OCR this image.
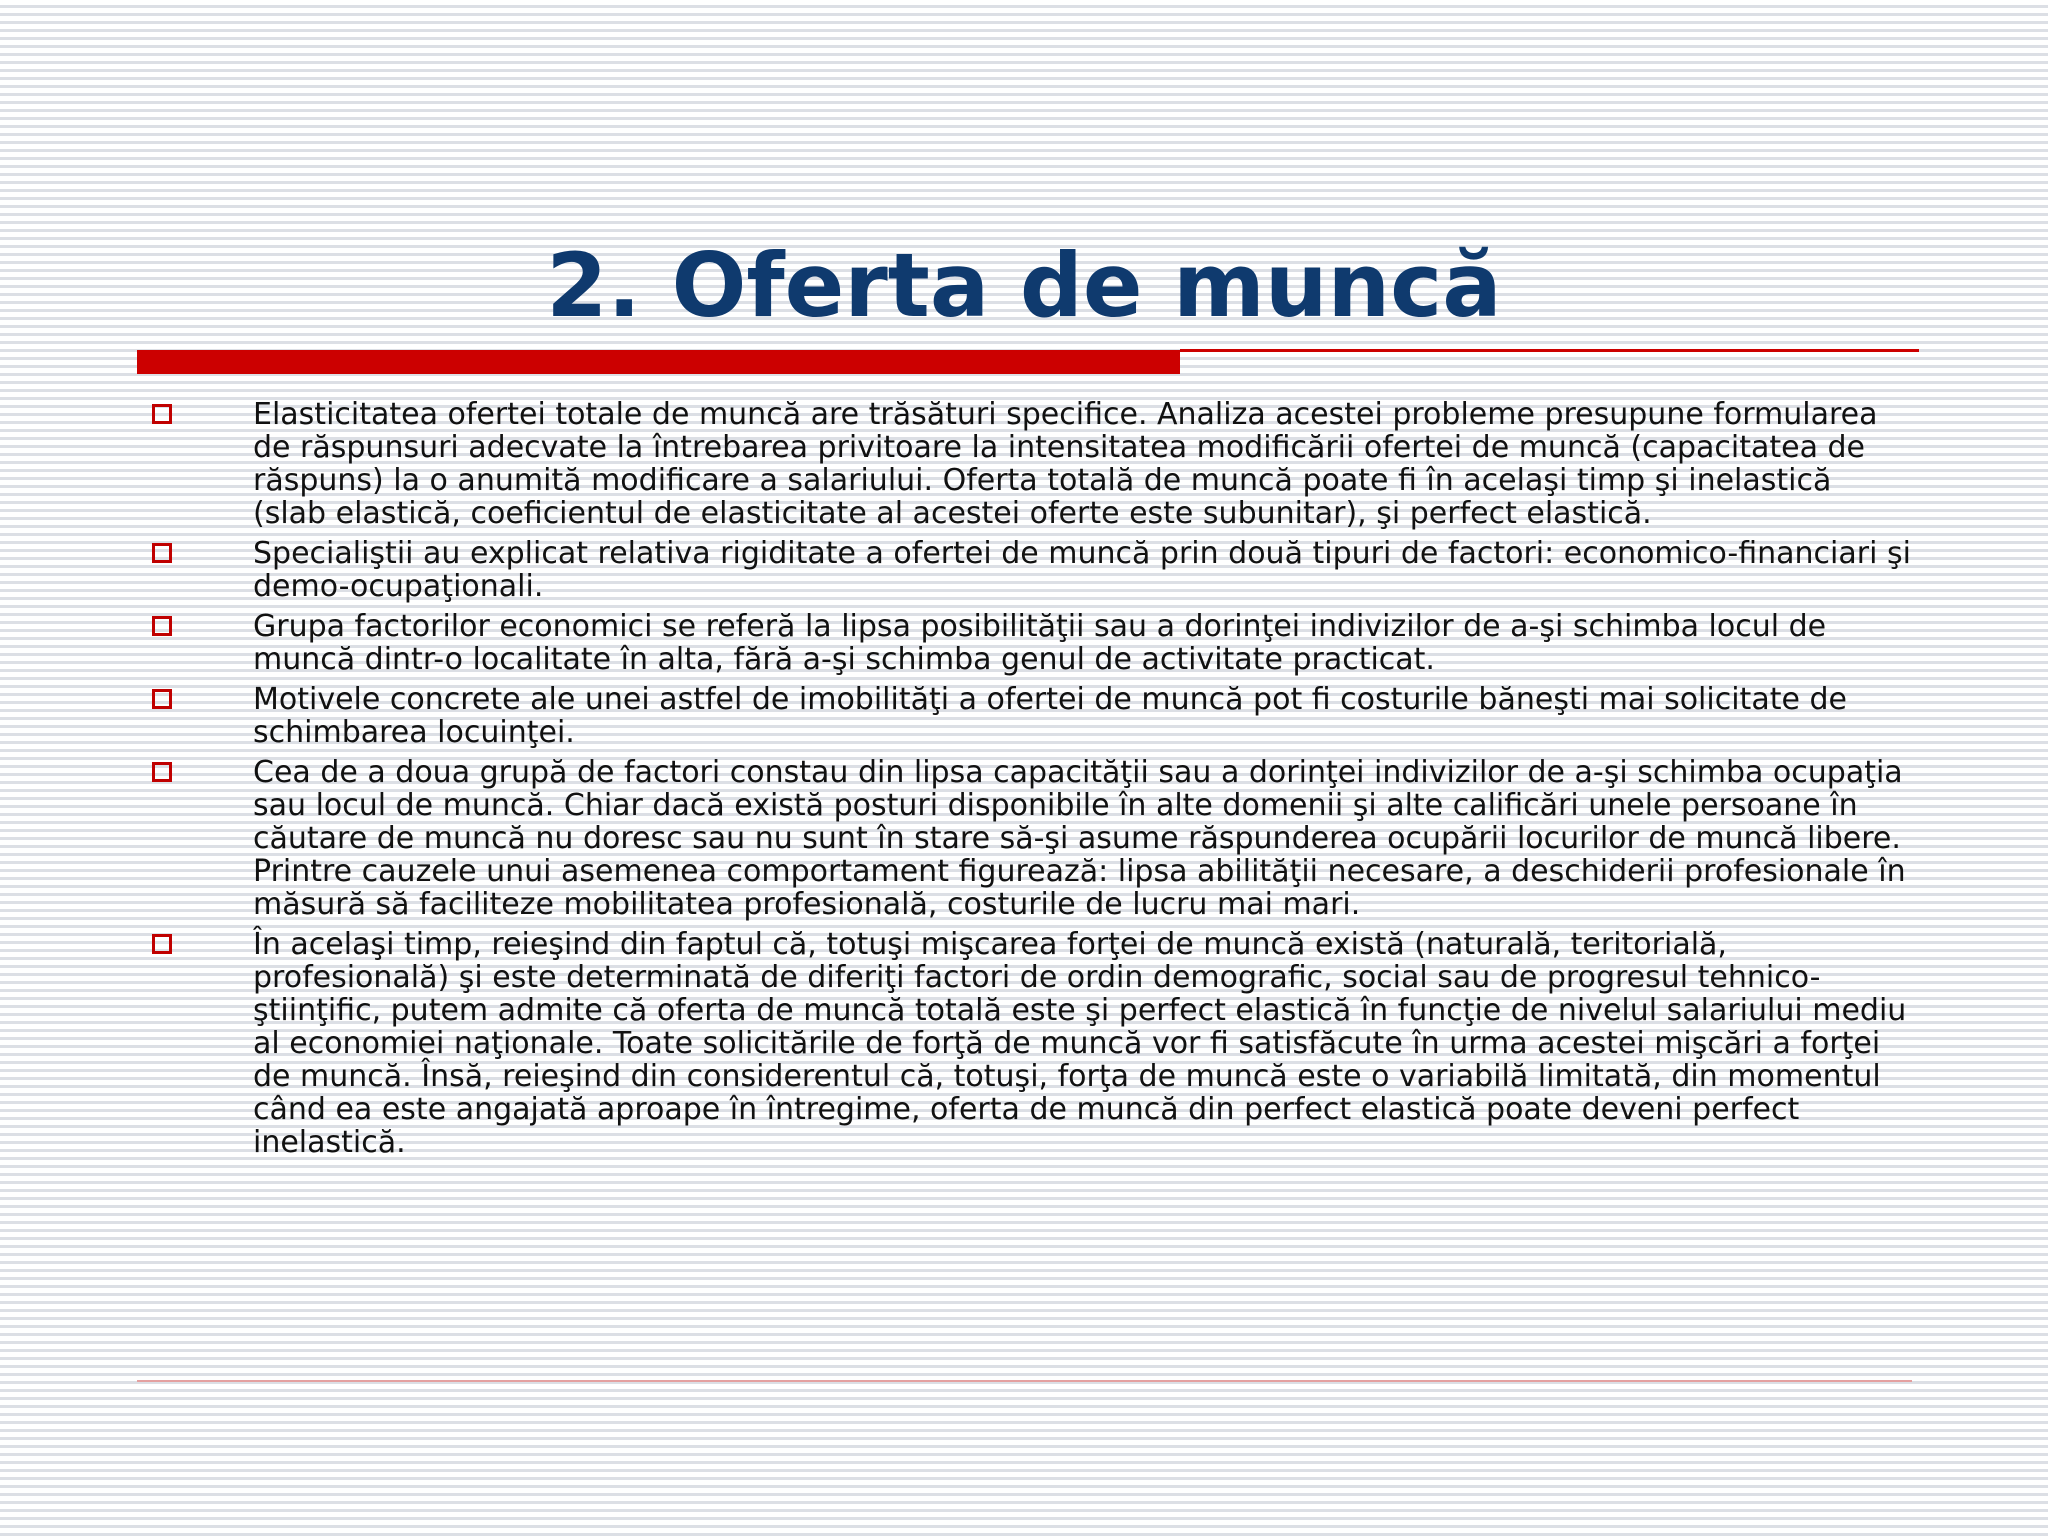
2. Oferta de muncă
Elasticitatea ofertei totale de muncă are trăsături specifice. Analiza acestei probleme presupune formularea de răspunsuri adecvate la întrebarea privitoare la intensitatea modificării ofertei de muncă (capacitatea de răspuns) la o anumită modificare a salariului. Oferta totală de muncă poate fi în acelaşi timp şi inelastică (slab elastică, coeficientul de elasticitate al acestei oferte este subunitar), şi perfect elastică.
Specialiştii au explicat relativa rigiditate a ofertei de muncă prin două tipuri de factori: economico-financiari şi demo-ocupaţionali.
Grupa factorilor economici se referă la lipsa posibilităţii sau a dorinţei indivizilor de a-şi schimba locul de muncă dintr-o localitate în alta, fără a-şi schimba genul de activitate practicat.
Motivele concrete ale unei astfel de imobilităţi a ofertei de muncă pot fi costurile băneşti mai solicitate de schimbarea locuinţei.
Cea de a doua grupă de factori constau din lipsa capacităţii sau a dorinţei indivizilor de a-şi schimba ocupaţia sau locul de muncă. Chiar dacă există posturi disponibile în alte domenii şi alte calificări unele persoane în căutare de muncă nu doresc sau nu sunt în stare să-şi asume răspunderea ocupării locurilor de muncă libere. Printre cauzele unui asemenea comportament figurează: lipsa abilităţii necesare, a deschiderii profesionale în măsură să faciliteze mobilitatea profesională, costurile de lucru mai mari.
În acelaşi timp, reieşind din faptul că, totuşi mişcarea forţei de muncă există (naturală, teritorială, profesională) şi este determinată de diferiţi factori de ordin demografic, social sau de progresul tehnico-ştiinţific, putem admite că oferta de muncă totală este şi perfect elastică în funcţie de nivelul salariului mediu al economiei naţionale. Toate solicitările de forţă de muncă vor fi satisfăcute în urma acestei mişcări a forţei de muncă. Însă, reieşind din considerentul că, totuşi, forţa de muncă este o variabilă limitată, din momentul când ea este angajată aproape în întregime, oferta de muncă din perfect elastică poate deveni perfect inelastică.
